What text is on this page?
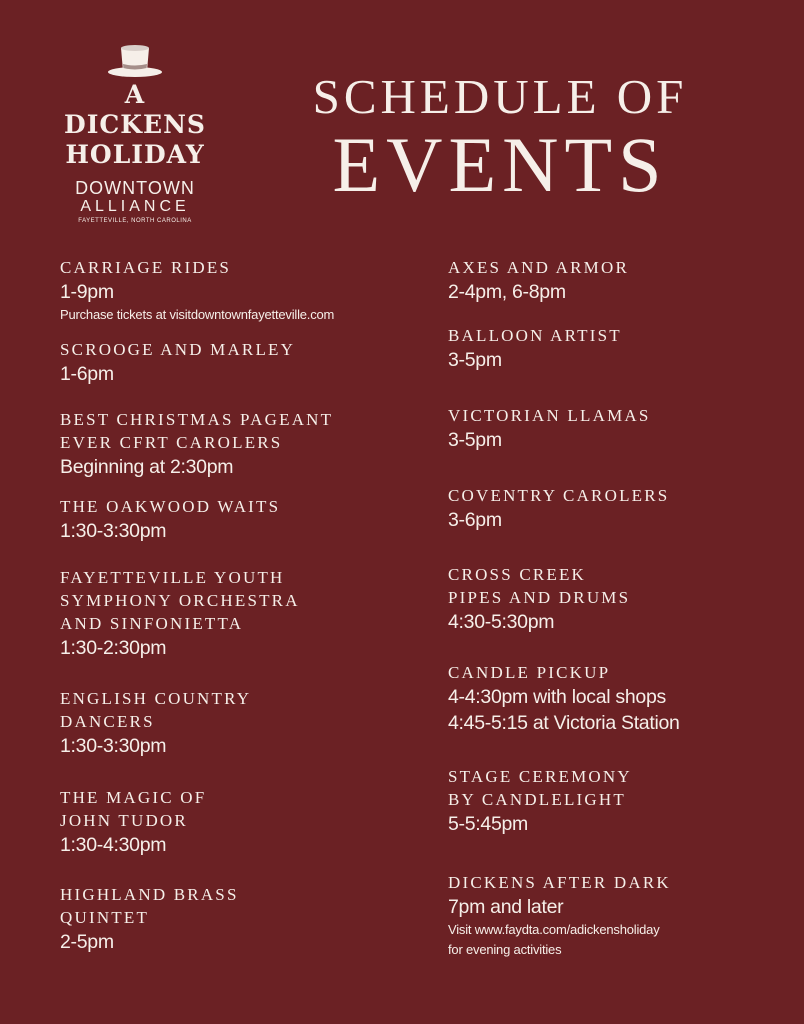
A DICKENS
HOLIDAY
DOWNTOWN
ALLIANCE
FAYETTEVILLE, NORTH CAROLINA
SCHEDULE OF
EVENTS
CARRIAGE RIDES
1-9pm
Purchase tickets at visitdowntownfayetteville.com
SCROOGE AND MARLEY
1-6pm
BEST CHRISTMAS PAGEANT
EVER CFRT CAROLERS
Beginning at 2:30pm
THE OAKWOOD WAITS
1:30-3:30pm
FAYETTEVILLE YOUTH
SYMPHONY ORCHESTRA
AND SINFONIETTA
1:30-2:30pm
ENGLISH COUNTRY
DANCERS
1:30-3:30pm
THE MAGIC OF
JOHN TUDOR
1:30-4:30pm
HIGHLAND BRASS
QUINTET
2-5pm
AXES AND ARMOR
2-4pm, 6-8pm
BALLOON ARTIST
3-5pm
VICTORIAN LLAMAS
3-5pm
COVENTRY CAROLERS
3-6pm
CROSS CREEK
PIPES AND DRUMS
4:30-5:30pm
CANDLE PICKUP
4-4:30pm with local shops
4:45-5:15 at Victoria Station
STAGE CEREMONY
BY CANDLELIGHT
5-5:45pm
DICKENS AFTER DARK
7pm and later
Visit www.faydta.com/adickensholiday
for evening activities
